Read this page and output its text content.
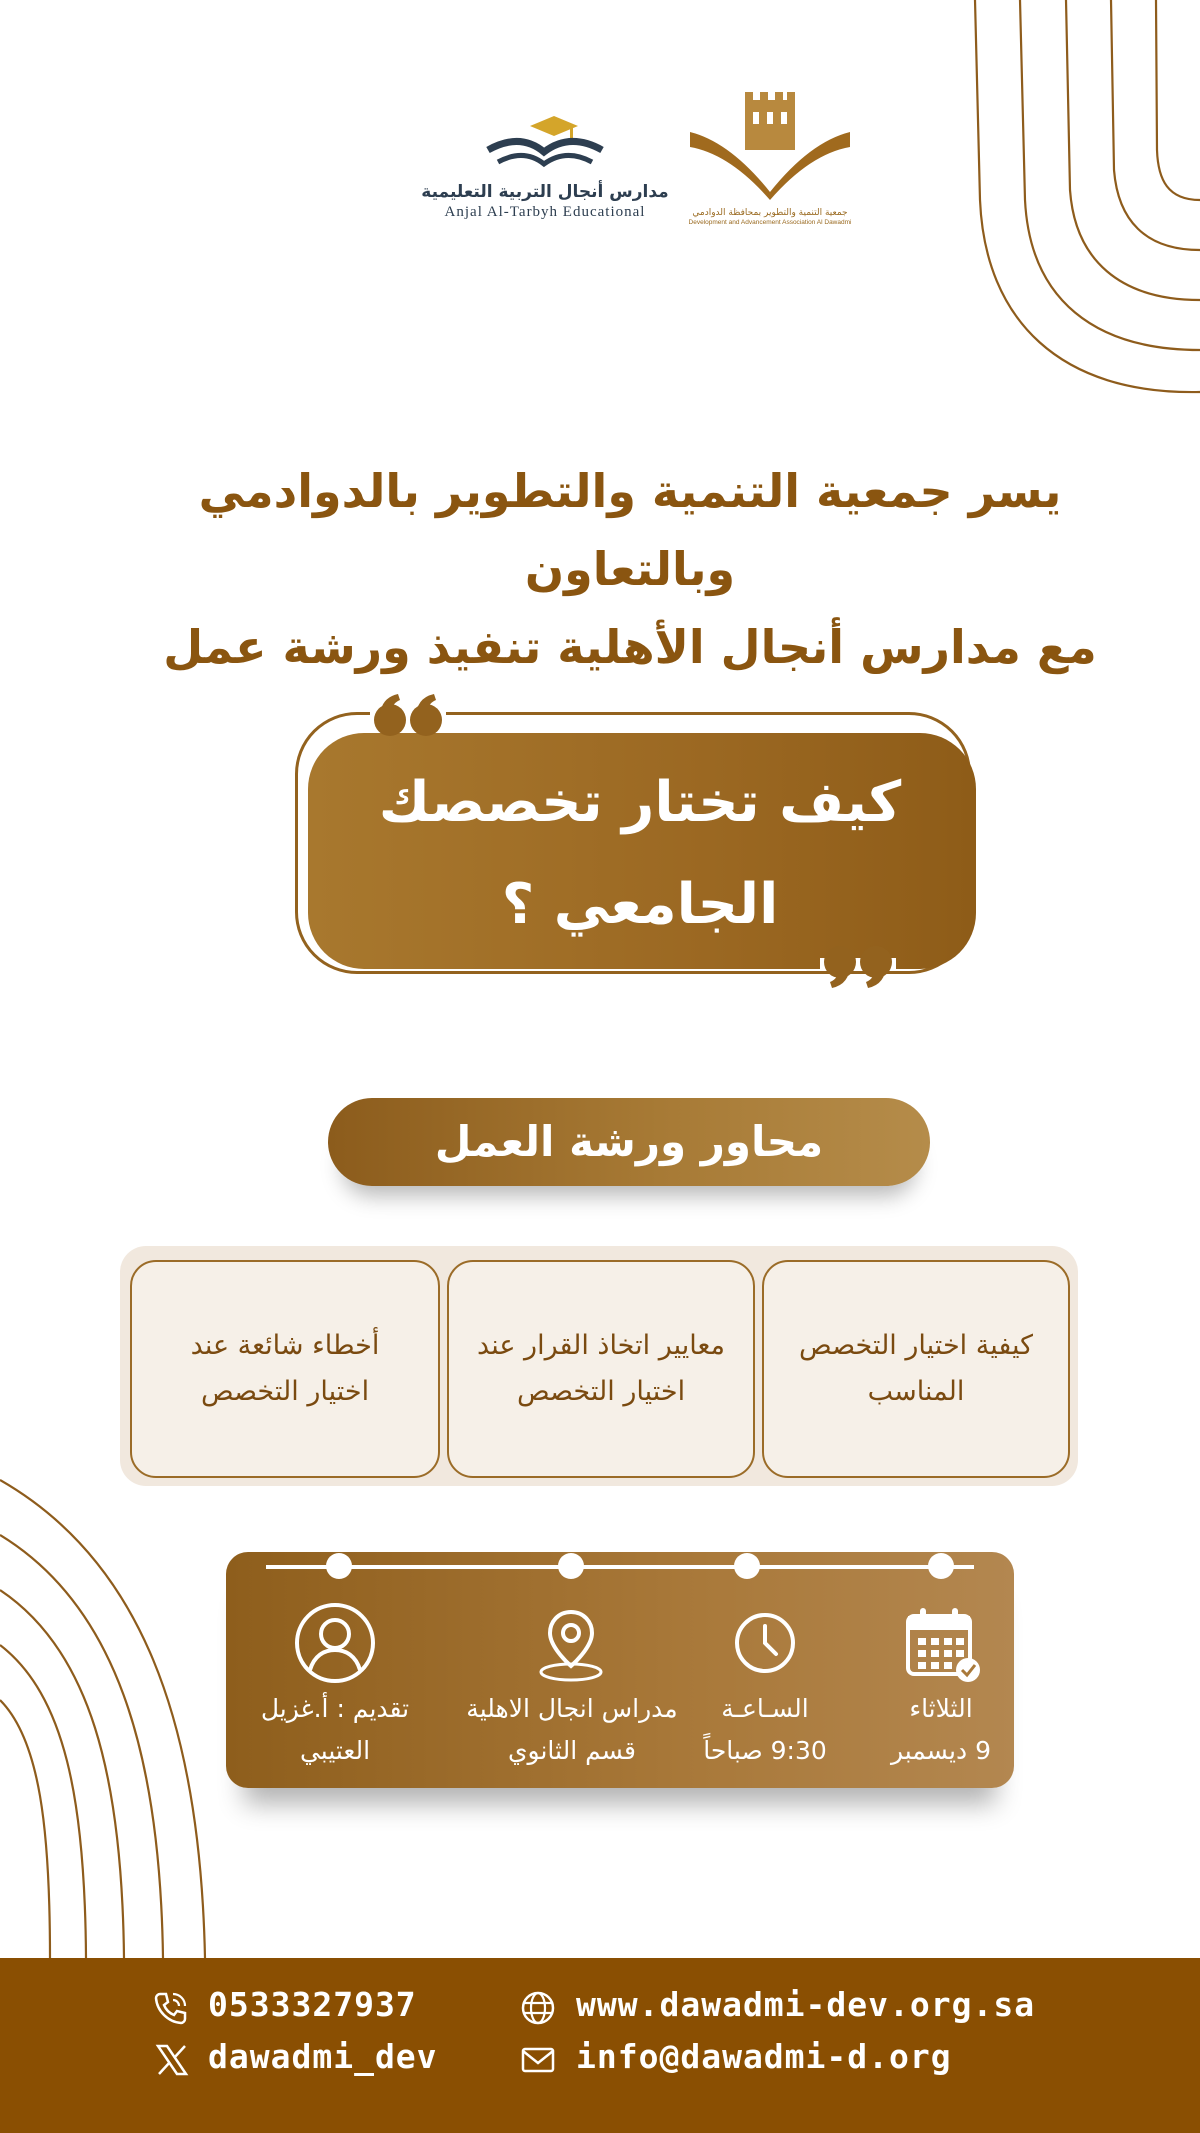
مدارس أنجال التربية التعليمية
Anjal Al-Tarbyh Educational	جمعية التنمية والتطوير بمحافظة الدوادمي
Development and Advancement Association Al Dawadmi
يسر جمعية التنمية والتطوير بالدوادمي وبالتعاون
مع مدارس أنجال الأهلية تنفيذ ورشة عمل
كيف تختار تخصصك
الجامعي ؟
محاور ورشة العمل
كيفية اختيار التخصص
المناسب
معايير اتخاذ القرار عند
اختيار التخصص
أخطاء شائعة عند
اختيار التخصص
الثلاثاء
9 ديسمبر
السـاعـة
9:30 صباحاً
مدراس انجال الاهلية
قسم الثانوي
تقديم : أ.غزيل
العتيبي
0533327937	www.dawadmi-dev.org.sa
dawadmi_dev	info@dawadmi-d.org
